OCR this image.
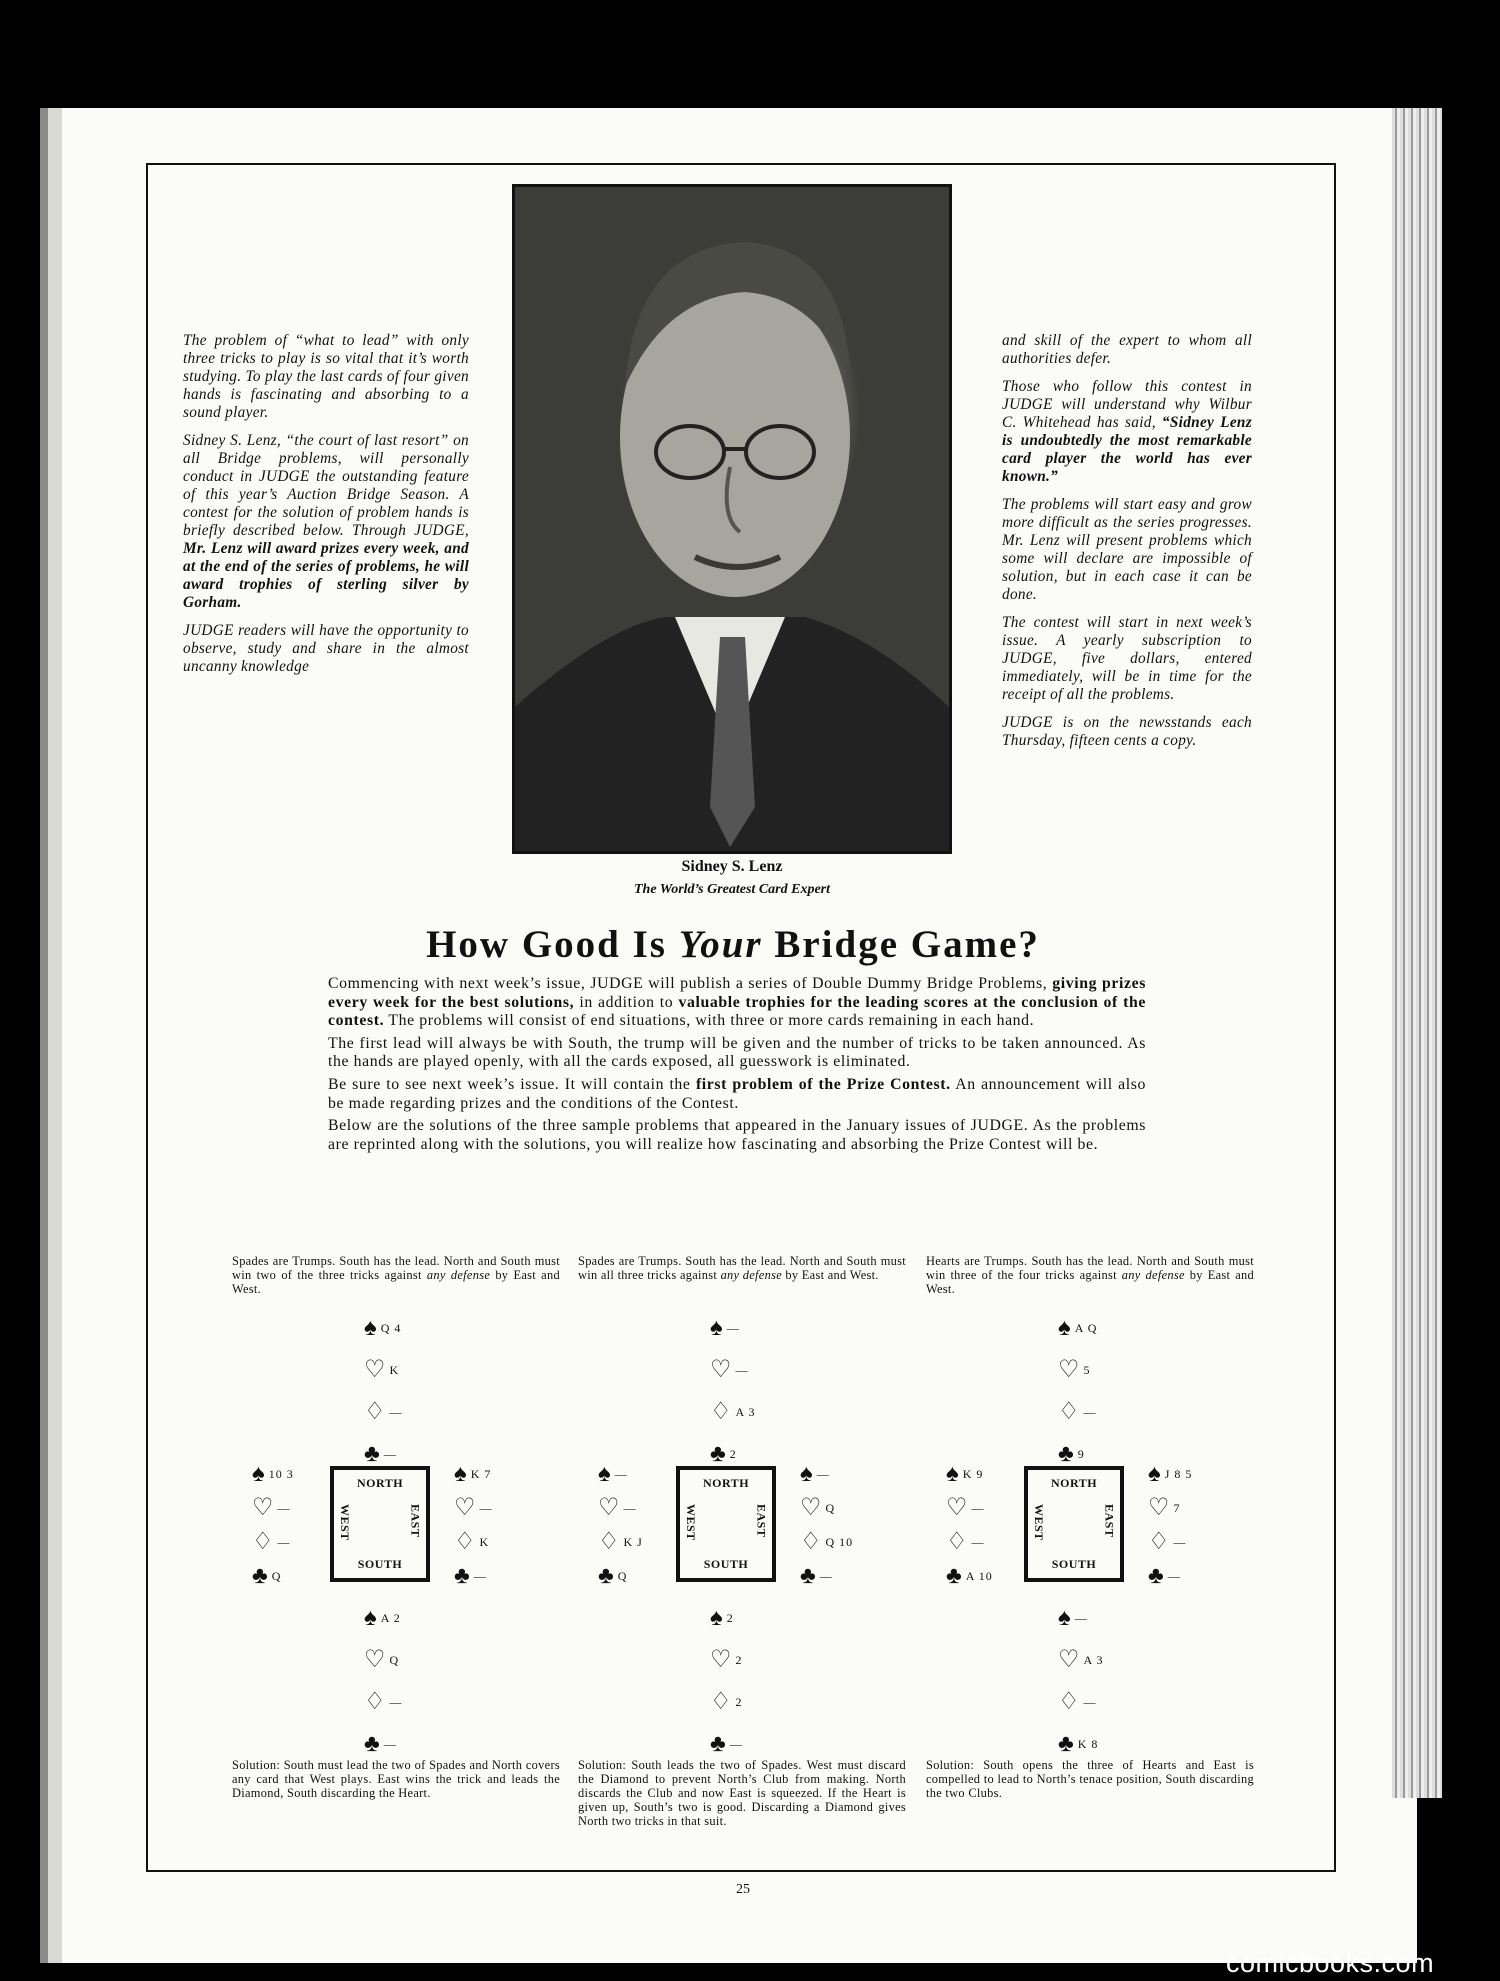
The problem of “what to lead” with only three tricks to play is so vital that it’s worth studying. To play the last cards of four given hands is fascinating and absorbing to a sound player.

Sidney S. Lenz, “the court of last resort” on all Bridge problems, will personally conduct in JUDGE the outstanding feature of this year’s Auction Bridge Season. A contest for the solution of problem hands is briefly described below. Through JUDGE, Mr. Lenz will award prizes every week, and at the end of the series of problems, he will award trophies of sterling silver by Gorham.

JUDGE readers will have the opportunity to observe, study and share in the almost uncanny knowledge

Sidney S. Lenz
The World’s Greatest Card Expert

and skill of the expert to whom all authorities defer.

Those who follow this contest in JUDGE will understand why Wilbur C. Whitehead has said, “Sidney Lenz is undoubtedly the most remarkable card player the world has ever known.”

The problems will start easy and grow more difficult as the series progresses. Mr. Lenz will present problems which some will declare are impossible of solution, but in each case it can be done.

The contest will start in next week’s issue. A yearly subscription to JUDGE, five dollars, entered immediately, will be in time for the receipt of all the problems.

JUDGE is on the newsstands each Thursday, fifteen cents a copy.

How Good Is Your Bridge Game?

Commencing with next week’s issue, JUDGE will publish a series of Double Dummy Bridge Problems, giving prizes every week for the best solutions, in addition to valuable trophies for the leading scores at the conclusion of the contest. The problems will consist of end situations, with three or more cards remaining in each hand.

The first lead will always be with South, the trump will be given and the number of tricks to be taken announced. As the hands are played openly, with all the cards exposed, all guesswork is eliminated.

Be sure to see next week’s issue. It will contain the first problem of the Prize Contest. An announcement will also be made regarding prizes and the conditions of the Contest.

Below are the solutions of the three sample problems that appeared in the January issues of JUDGE. As the problems are reprinted along with the solutions, you will realize how fascinating and absorbing the Prize Contest will be.

Spades are Trumps. South has the lead. North and South must win two of the three tricks against any defense by East and West.
♠ $^{Q 4}$
♡ $^K$
♢ —
♣ —
♠ $^{10 3}$
♡ —
♢ —
♣ $^Q$
♠ $^{K 7}$
♡ —
♢ $^K$
♣ —
♠ $^{A 2}$
♡ $^Q$
♢ —
♣ —
NORTH
WEST	EAST
SOUTH
Solution: South must lead the two of Spades and North covers any card that West plays. East wins the trick and leads the Diamond, South discarding the Heart.
Spades are Trumps. South has the lead. North and South must win all three tricks against any defense by East and West.
♠ —
♡ —
♢ $^{A 3}$
♣ $^2$
♠ —
♡ —
♢ $^{K J}$
♣ $^Q$
♠ —
♡ $^Q$
♢ $^{Q 10}$
♣ —
♠ $^2$
♡ $^2$
♢ $^2$
♣ —
NORTH
WEST	EAST
SOUTH
Solution: South leads the two of Spades. West must discard the Diamond to prevent North’s Club from making. North discards the Club and now East is squeezed. If the Heart is given up, South’s two is good. Discarding a Diamond gives North two tricks in that suit.
Hearts are Trumps. South has the lead. North and South must win three of the four tricks against any defense by East and West.
♠ $^{A Q}$
♡ $^5$
♢ —
♣ $^9$
♠ $^{K 9}$
♡ —
♢ —
♣ $^{A 10}$
♠ $^{J 8 5}$
♡ $^7$
♢ —
♣ —
♠ —
♡ $^{A 3}$
♢ —
♣ $^{K 8}$
NORTH
WEST	EAST
SOUTH
Solution: South opens the three of Hearts and East is compelled to lead to North’s tenace position, South discarding the two Clubs.
25
comicbooks.com
